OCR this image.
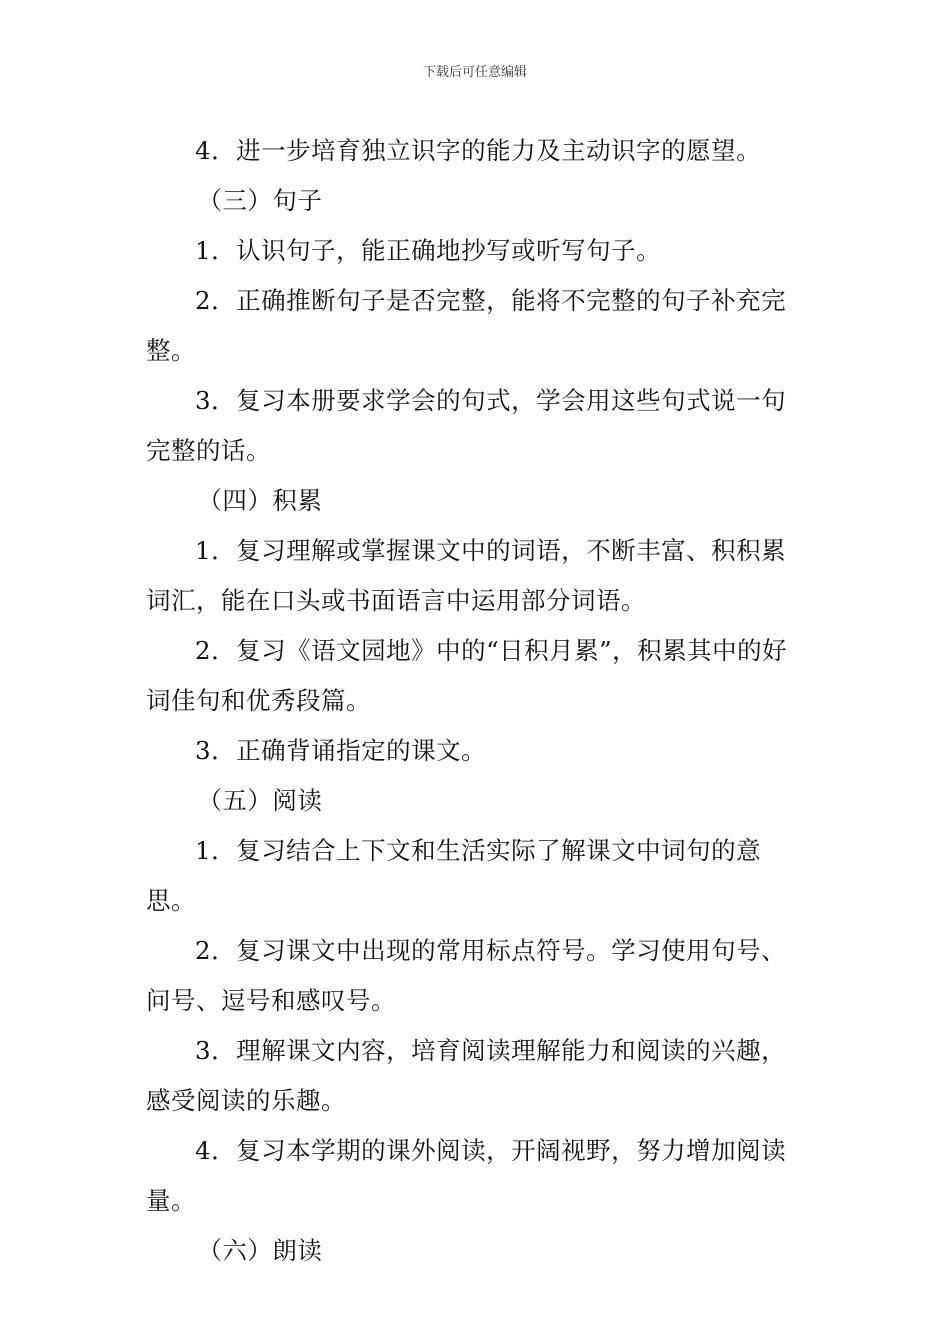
下载后可任意编辑

4．进一步培育独立识字的能力及主动识字的愿望。

（三）句子

1．认识句子，能正确地抄写或听写句子。

2．正确推断句子是否完整，能将不完整的句子补充完整。

3．复习本册要求学会的句式，学会用这些句式说一句完整的话。

（四）积累

1．复习理解或掌握课文中的词语，不断丰富、积积累词汇，能在口头或书面语言中运用部分词语。

2．复习《语文园地》中的“日积月累”，积累其中的好词佳句和优秀段篇。

3．正确背诵指定的课文。

（五）阅读

1．复习结合上下文和生活实际了解课文中词句的意思。

2．复习课文中出现的常用标点符号。学习使用句号、问号、逗号和感叹号。

3．理解课文内容，培育阅读理解能力和阅读的兴趣，感受阅读的乐趣。

4．复习本学期的课外阅读，开阔视野，努力增加阅读量。

（六）朗读
